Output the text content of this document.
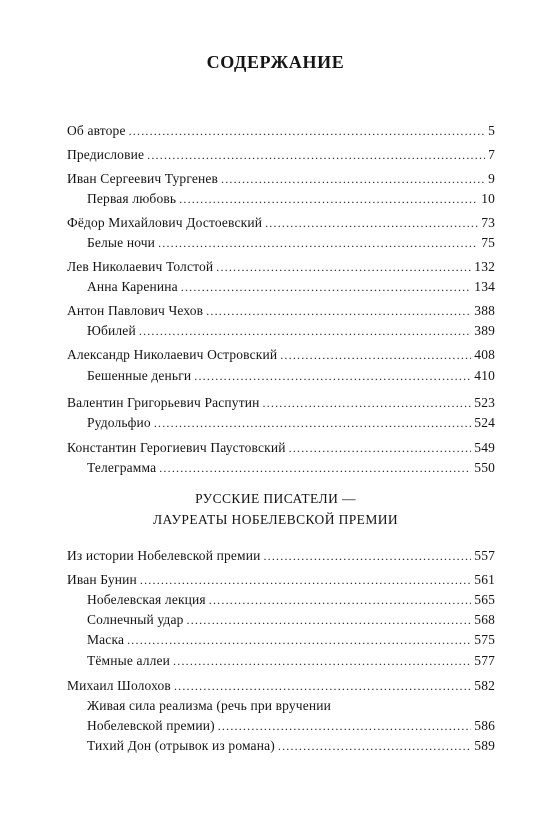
СОДЕРЖАНИЕ
Об авторе .....	5
Предисловие .....	7
Иван Сергеевич Тургенев .....	9
Первая любовь .....	10
Фёдор Михайлович Достоевский .....	73
Белые ночи .....	75
Лев Николаевич Толстой .....	132
Анна Каренина .....	134
Антон Павлович Чехов .....	388
Юбилей .....	389
Александр Николаевич Островский .....	408
Бешенные деньги .....	410
Валентин Григорьевич Распутин .....	523
Рудольфио .....	524
Константин Герогиевич Паустовский .....	549
Телеграмма .....	550
РУССКИЕ ПИСАТЕЛИ —
ЛАУРЕАТЫ НОБЕЛЕВСКОЙ ПРЕМИИ
Из истории Нобелевской премии .....	557
Иван Бунин .....	561
Нобелевская лекция .....	565
Солнечный удар .....	568
Маска .....	575
Тёмные аллеи .....	577
Михаил Шолохов .....	582
Живая сила реализма (речь при вручении
Нобелевской премии) .....	586
Тихий Дон (отрывок из романа) .....	589
